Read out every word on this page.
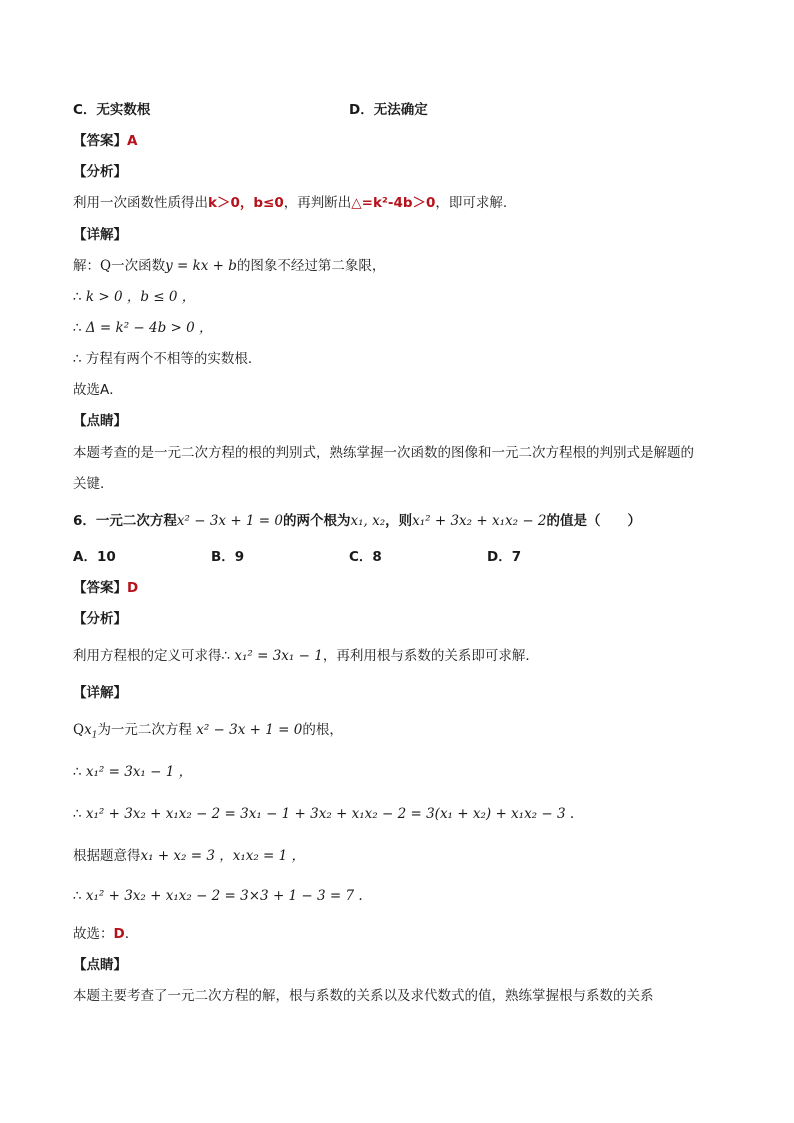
C．无实数根	D．无法确定
【答案】A
【分析】
利用一次函数性质得出k＞0，b≤0，再判断出△=k²-4b＞0，即可求解.
【详解】
解：Q一次函数y = kx + b的图象不经过第二象限，
∴ k > 0 ，b ≤ 0 ，
∴ Δ = k² − 4b > 0 ，
∴ 方程有两个不相等的实数根．
故选A．
【点睛】
本题考查的是一元二次方程的根的判别式，熟练掌握一次函数的图像和一元二次方程根的判别式是解题的
关键.
6．一元二次方程x² − 3x + 1 = 0的两个根为x₁, x₂，则x₁² + 3x₂ + x₁x₂ − 2的值是（　　）
A．10	B．9	C．8	D．7
【答案】D
【分析】
利用方程根的定义可求得∴ x₁² = 3x₁ − 1，再利用根与系数的关系即可求解．
【详解】
$Qx_1$为一元二次方程 x² − 3x + 1 = 0的根，
∴ x₁² = 3x₁ − 1 ，
∴ x₁² + 3x₂ + x₁x₂ − 2 = 3x₁ − 1 + 3x₂ + x₁x₂ − 2 = 3(x₁ + x₂) + x₁x₂ − 3 .
根据题意得x₁ + x₂ = 3 ，x₁x₂ = 1 ，
∴ x₁² + 3x₂ + x₁x₂ − 2 = 3×3 + 1 − 3 = 7 .
故选：D.
【点睛】
本题主要考查了一元二次方程的解，根与系数的关系以及求代数式的值，熟练掌握根与系数的关系
